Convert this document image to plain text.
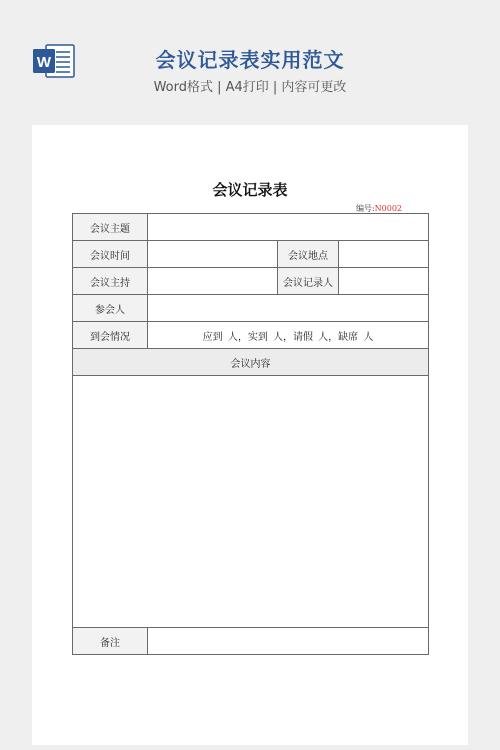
W	会议记录表实用范文
Word格式 | A4打印 | 内容可更改
会议记录表
编号:N0002
会议主题			
会议时间		会议地点	
会议主持		会议记录人	
参会人			
到会情况	应到 人，实到 人，请假 人，缺席 人		
会议内容			

备注			
